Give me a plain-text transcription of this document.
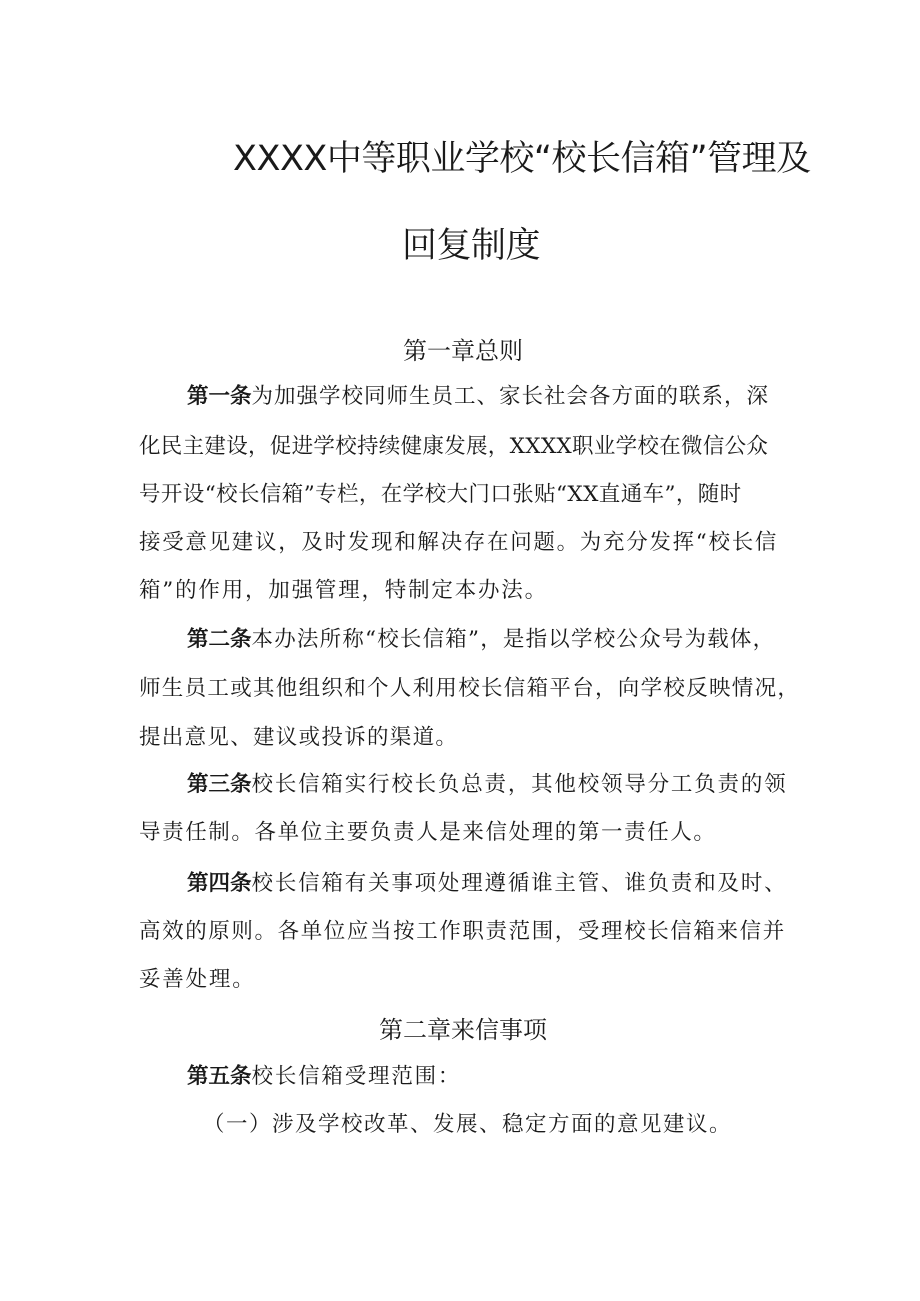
XXXX中等职业学校“校长信箱”管理及
回复制度
第一章总则
第一条为加强学校同师生员工、家长社会各方面的联系，深
化民主建设，促进学校持续健康发展，XXXX职业学校在微信公众
号开设“校长信箱”专栏，在学校大门口张贴“XX直通车”，随时
接受意见建议，及时发现和解决存在问题。为充分发挥“校长信
箱”的作用，加强管理，特制定本办法。
第二条本办法所称“校长信箱”，是指以学校公众号为载体，
师生员工或其他组织和个人利用校长信箱平台，向学校反映情况，
提出意见、建议或投诉的渠道。
第三条校长信箱实行校长负总责，其他校领导分工负责的领
导责任制。各单位主要负责人是来信处理的第一责任人。
第四条校长信箱有关事项处理遵循谁主管、谁负责和及时、
高效的原则。各单位应当按工作职责范围，受理校长信箱来信并
妥善处理。
第二章来信事项
第五条校长信箱受理范围：
（一）涉及学校改革、发展、稳定方面的意见建议。
